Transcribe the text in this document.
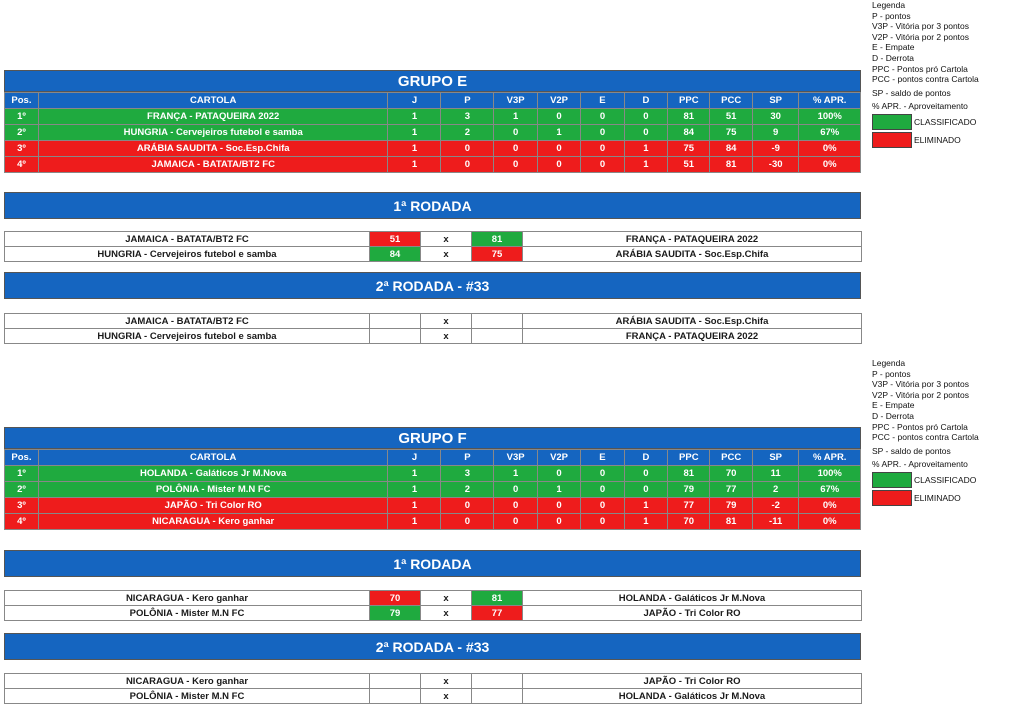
Legenda
P - pontos
V3P - Vitória por 3 pontos
V2P - Vitória por 2 pontos
E - Empate
D - Derrota
PPC - Pontos pró Cartola
PCC - pontos contra Cartola
SP - saldo de pontos
% APR. - Aproveitamento
CLASSIFICADO
ELIMINADO
Legenda
P - pontos
V3P - Vitória por 3 pontos
V2P - Vitória por 2 pontos
E - Empate
D - Derrota
PPC - Pontos pró Cartola
PCC - pontos contra Cartola
SP - saldo de pontos
% APR. - Aproveitamento
CLASSIFICADO
ELIMINADO
GRUPO E
Pos.	CARTOLA	J	P	V3P	V2P	E	D	PPC	PCC	SP	% APR.
1º	FRANÇA - PATAQUEIRA 2022	1	3	1	0	0	0	81	51	30	100%
2º	HUNGRIA - Cervejeiros futebol e samba	1	2	0	1	0	0	84	75	9	67%
3º	ARÁBIA SAUDITA - Soc.Esp.Chifa	1	0	0	0	0	1	75	84	-9	0%
4º	JAMAICA - BATATA/BT2 FC	1	0	0	0	0	1	51	81	-30	0%
1ª RODADA
JAMAICA - BATATA/BT2 FC	51	x	81	FRANÇA - PATAQUEIRA 2022
HUNGRIA - Cervejeiros futebol e samba	84	x	75	ARÁBIA SAUDITA - Soc.Esp.Chifa
2ª RODADA - #33
JAMAICA - BATATA/BT2 FC		x		ARÁBIA SAUDITA - Soc.Esp.Chifa
HUNGRIA - Cervejeiros futebol e samba		x		FRANÇA - PATAQUEIRA 2022
GRUPO F
Pos.	CARTOLA	J	P	V3P	V2P	E	D	PPC	PCC	SP	% APR.
1º	HOLANDA - Galáticos Jr M.Nova	1	3	1	0	0	0	81	70	11	100%
2º	POLÔNIA - Mister M.N FC	1	2	0	1	0	0	79	77	2	67%
3º	JAPÃO - Tri Color RO	1	0	0	0	0	1	77	79	-2	0%
4º	NICARAGUA - Kero ganhar	1	0	0	0	0	1	70	81	-11	0%
1ª RODADA
NICARAGUA - Kero ganhar	70	x	81	HOLANDA - Galáticos Jr M.Nova
POLÔNIA - Mister M.N FC	79	x	77	JAPÃO - Tri Color RO
2ª RODADA - #33
NICARAGUA - Kero ganhar		x		JAPÃO - Tri Color RO
POLÔNIA - Mister M.N FC		x		HOLANDA - Galáticos Jr M.Nova
